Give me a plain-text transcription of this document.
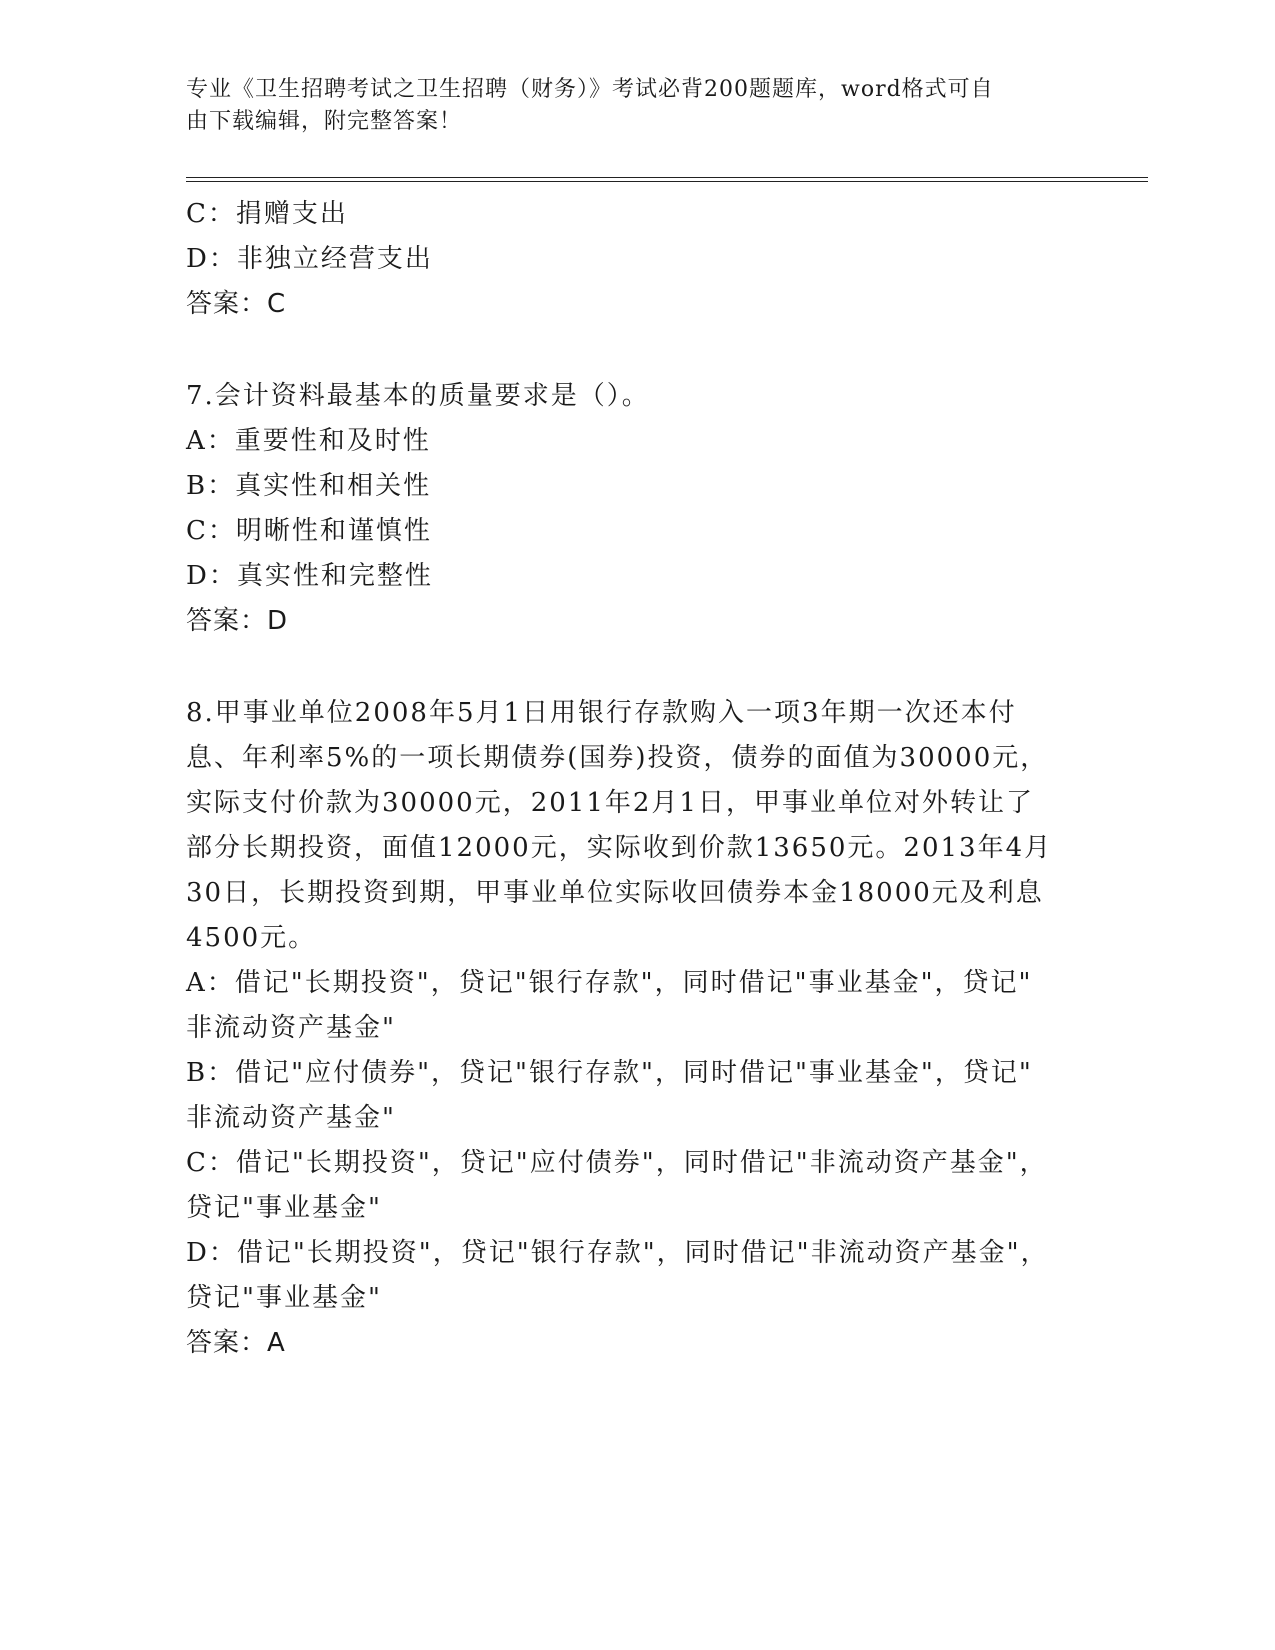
专业《卫生招聘考试之卫生招聘（财务）》考试必背200题题库，word格式可自
由下载编辑，附完整答案！
C：捐赠支出
D：非独立经营支出
答案：C
7.会计资料最基本的质量要求是（）。
A：重要性和及时性
B：真实性和相关性
C：明晰性和谨慎性
D：真实性和完整性
答案：D
8.甲事业单位2008年5月1日用银行存款购入一项3年期一次还本付
息、年利率5%的一项长期债券(国券)投资，债券的面值为30000元，
实际支付价款为30000元，2011年2月1日，甲事业单位对外转让了
部分长期投资，面值12000元，实际收到价款13650元。2013年4月
30日，长期投资到期，甲事业单位实际收回债券本金18000元及利息
4500元。
A：借记"长期投资"，贷记"银行存款"，同时借记"事业基金"，贷记"
非流动资产基金"
B：借记"应付债券"，贷记"银行存款"，同时借记"事业基金"，贷记"
非流动资产基金"
C：借记"长期投资"，贷记"应付债券"，同时借记"非流动资产基金"，
贷记"事业基金"
D：借记"长期投资"，贷记"银行存款"，同时借记"非流动资产基金"，
贷记"事业基金"
答案：A
